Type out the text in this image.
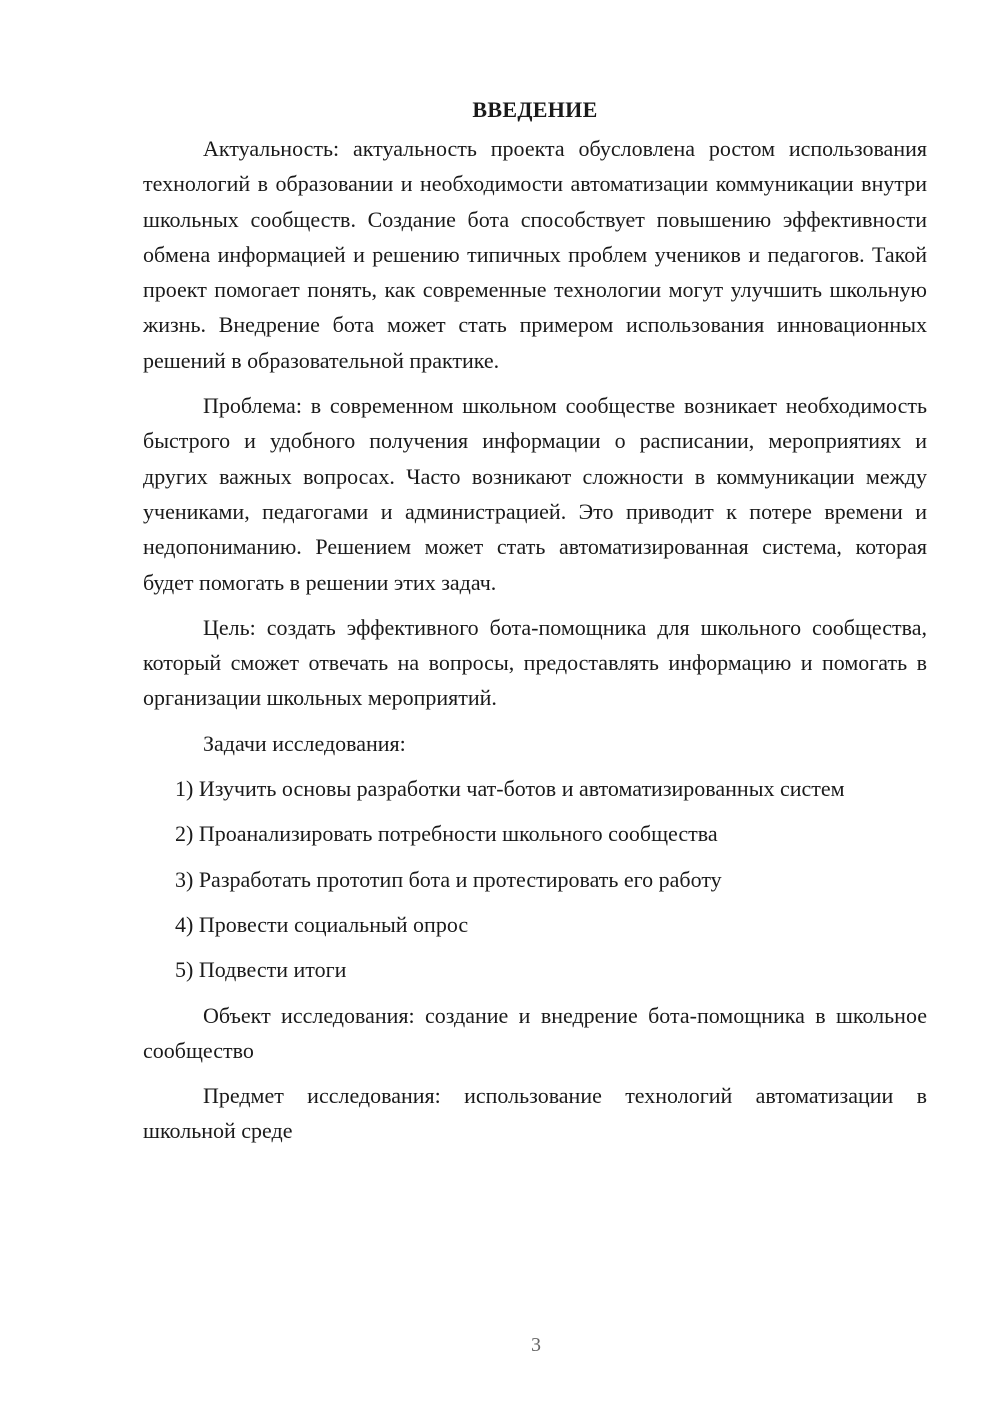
ВВЕДЕНИЕ

Актуальность: актуальность проекта обусловлена ростом использования технологий в образовании и необходимости автоматизации коммуникации внутри школьных сообществ. Создание бота способствует повышению эффективности обмена информацией и решению типичных проблем учеников и педагогов. Такой проект помогает понять, как современные технологии могут улучшить школьную жизнь. Внедрение бота может стать примером использования инновационных решений в образовательной практике.

Проблема: в современном школьном сообществе возникает необходимость быстрого и удобного получения информации о расписании, мероприятиях и других важных вопросах. Часто возникают сложности в коммуникации между учениками, педагогами и администрацией. Это приводит к потере времени и недопониманию. Решением может стать автоматизированная система, которая будет помогать в решении этих задач.

Цель: создать эффективного бота-помощника для школьного сообщества, который сможет отвечать на вопросы, предоставлять информацию и помогать в организации школьных мероприятий.

Задачи исследования:

1) Изучить основы разработки чат-ботов и автоматизированных систем

2) Проанализировать потребности школьного сообщества

3) Разработать прототип бота и протестировать его работу

4) Провести социальный опрос

5) Подвести итоги

Объект исследования: создание и внедрение бота-помощника в школьное сообщество

Предмет исследования: использование технологий автоматизации в школьной среде

3
